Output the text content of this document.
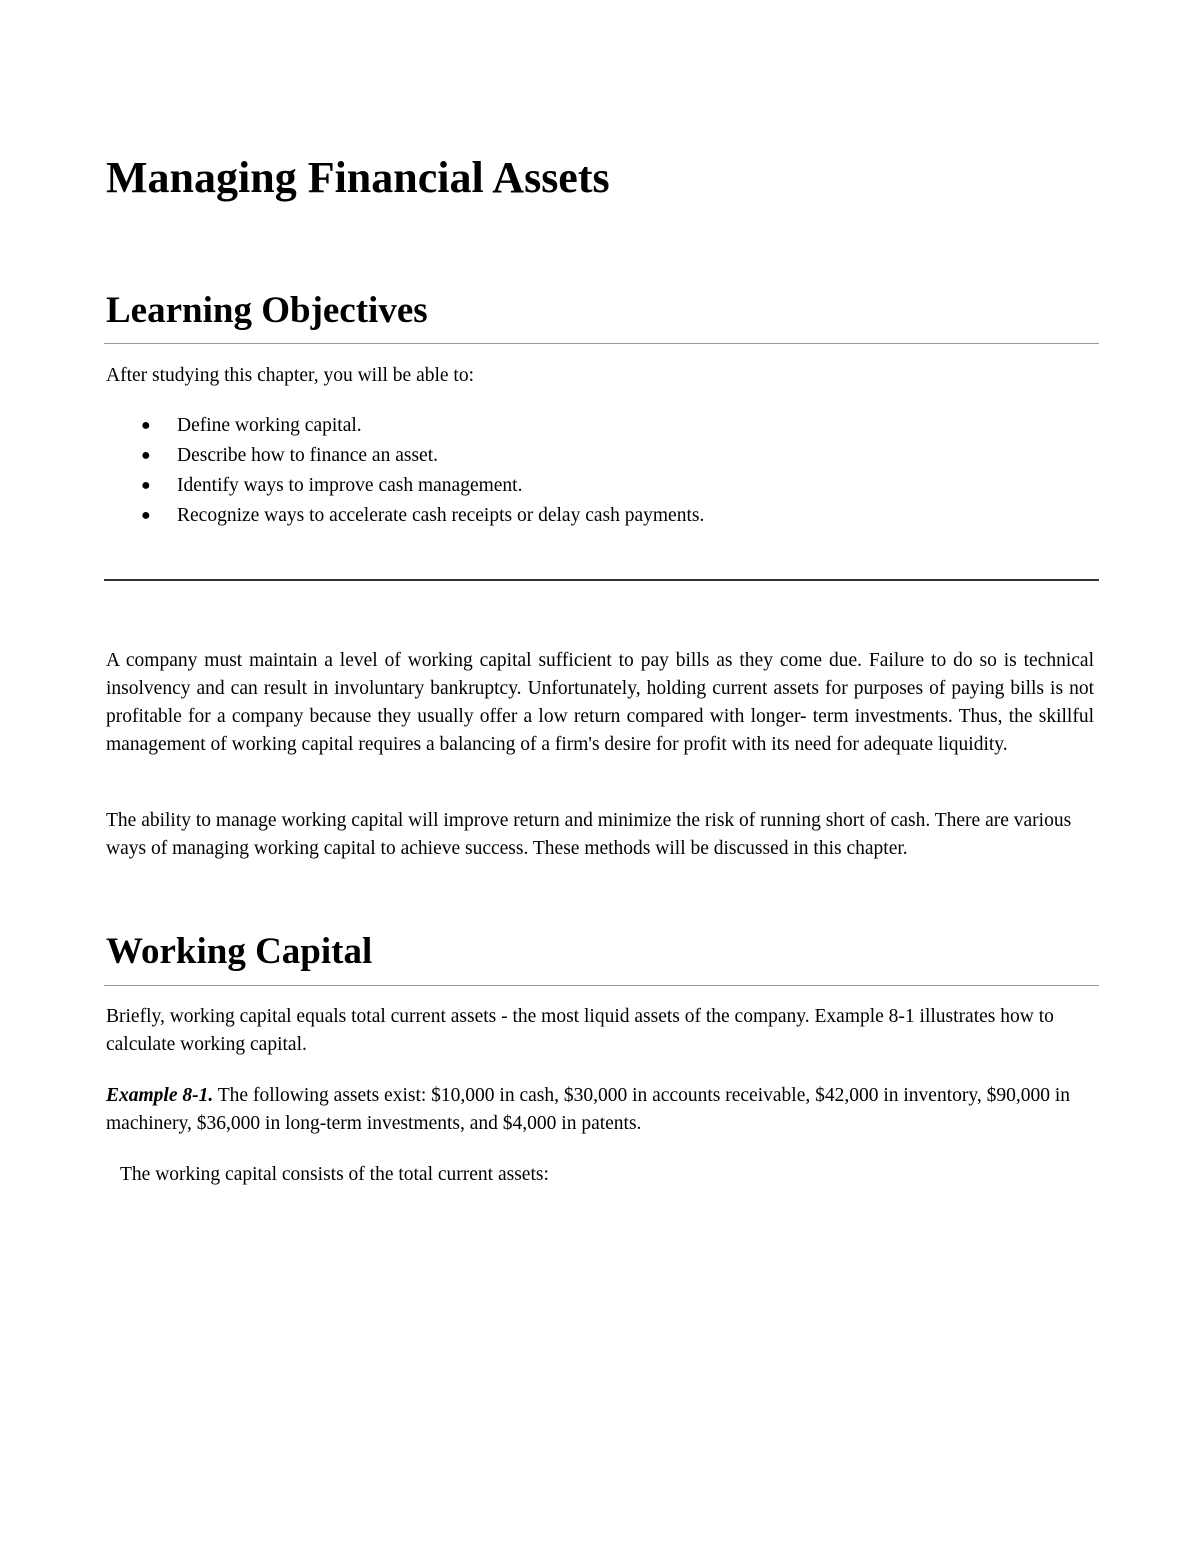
Managing Financial Assets
Learning Objectives

After studying this chapter, you will be able to:

● Define working capital.
● Describe how to finance an asset.
● Identify ways to improve cash management.
● Recognize ways to accelerate cash receipts or delay cash payments.

A company must maintain a level of working capital sufficient to pay bills as they come due. Failure to do so is technical insolvency and can result in involuntary bankruptcy. Unfortunately, holding current assets for purposes of paying bills is not profitable for a company because they usually offer a low return compared with longer- term investments. Thus, the skillful management of working capital requires a balancing of a firm's desire for profit with its need for adequate liquidity.

The ability to manage working capital will improve return and minimize the risk of running short of cash. There are various ways of managing working capital to achieve success. These methods will be discussed in this chapter.

Working Capital

Briefly, working capital equals total current assets - the most liquid assets of the company. Example 8-1 illustrates how to calculate working capital.

Example 8-1. The following assets exist: $10,000 in cash, $30,000 in accounts receivable, $42,000 in inventory, $90,000 in machinery, $36,000 in long-term investments, and $4,000 in patents.

The working capital consists of the total current assets:
